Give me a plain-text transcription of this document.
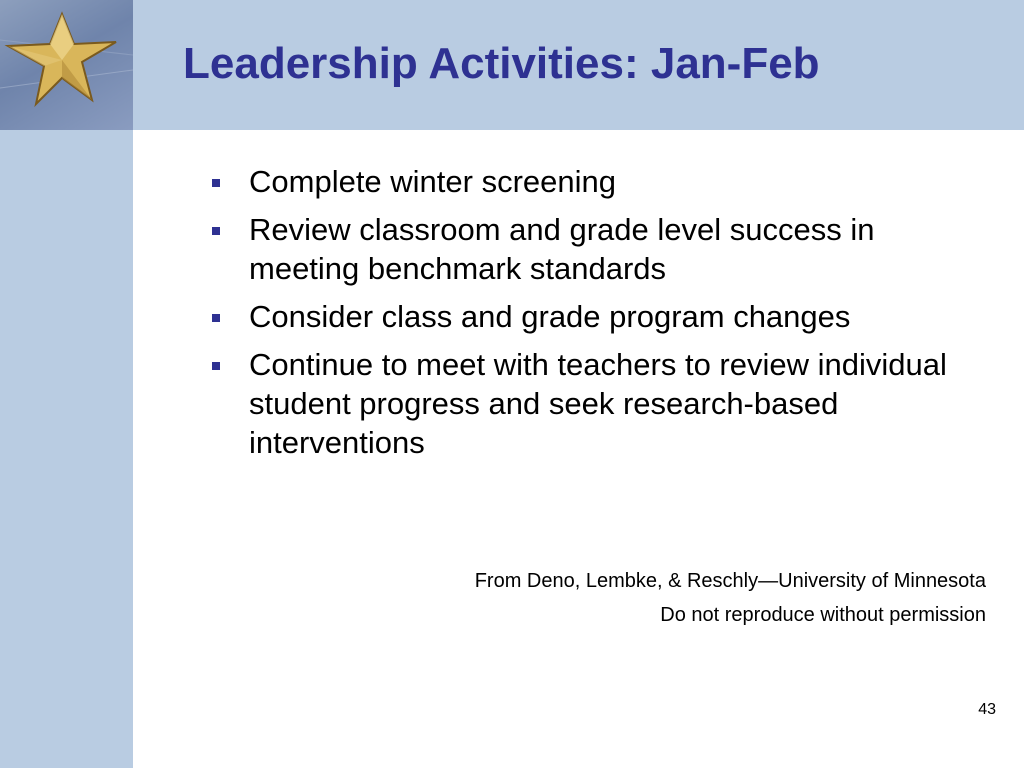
Leadership Activities: Jan-Feb
Complete winter screening
Review classroom and grade level success in meeting benchmark standards
Consider class and grade program changes
Continue to meet with teachers to review individual student progress and seek research-based interventions
From Deno, Lembke, & Reschly—University of Minnesota
Do not reproduce without permission
43
